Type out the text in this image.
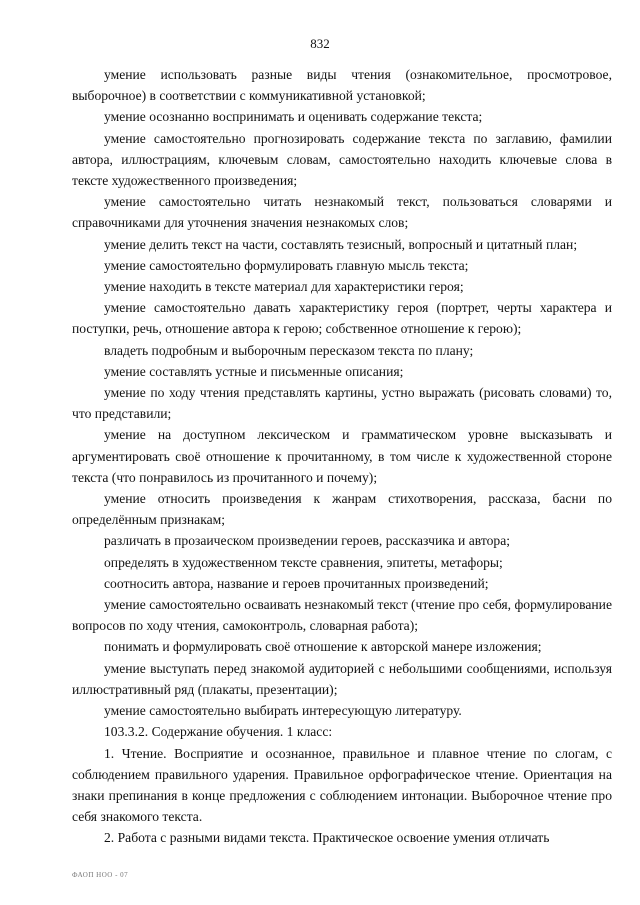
832

умение использовать разные виды чтения (ознакомительное, просмотровое, выборочное) в соответствии с коммуникативной установкой;

умение осознанно воспринимать и оценивать содержание текста;

умение самостоятельно прогнозировать содержание текста по заглавию, фамилии автора, иллюстрациям, ключевым словам, самостоятельно находить ключевые слова в тексте художественного произведения;

умение самостоятельно читать незнакомый текст, пользоваться словарями и справочниками для уточнения значения незнакомых слов;

умение делить текст на части, составлять тезисный, вопросный и цитатный план;

умение самостоятельно формулировать главную мысль текста;

умение находить в тексте материал для характеристики героя;

умение самостоятельно давать характеристику героя (портрет, черты характера и поступки, речь, отношение автора к герою; собственное отношение к герою);

владеть подробным и выборочным пересказом текста по плану;

умение составлять устные и письменные описания;

умение по ходу чтения представлять картины, устно выражать (рисовать словами) то, что представили;

умение на доступном лексическом и грамматическом уровне высказывать и аргументировать своё отношение к прочитанному, в том числе к художественной стороне текста (что понравилось из прочитанного и почему);

умение относить произведения к жанрам стихотворения, рассказа, басни по определённым признакам;

различать в прозаическом произведении героев, рассказчика и автора;

определять в художественном тексте сравнения, эпитеты, метафоры;

соотносить автора, название и героев прочитанных произведений;

умение самостоятельно осваивать незнакомый текст (чтение про себя, формулирование вопросов по ходу чтения, самоконтроль, словарная работа);

понимать и формулировать своё отношение к авторской манере изложения;

умение выступать перед знакомой аудиторией с небольшими сообщениями, используя иллюстративный ряд (плакаты, презентации);

умение самостоятельно выбирать интересующую литературу.

103.3.2. Содержание обучения. 1 класс:

1. Чтение. Восприятие и осознанное, правильное и плавное чтение по слогам, с соблюдением правильного ударения. Правильное орфографическое чтение. Ориентация на знаки препинания в конце предложения с соблюдением интонации. Выборочное чтение про себя знакомого текста.

2. Работа с разными видами текста. Практическое освоение умения отличать

ФАОП НОО - 07
